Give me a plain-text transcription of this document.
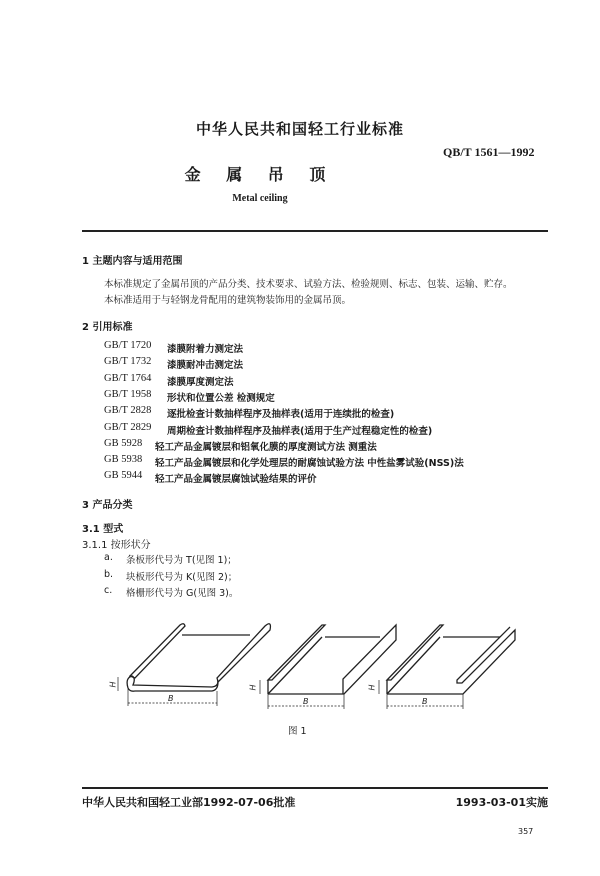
中华人民共和国轻工行业标准
QB/T 1561—1992
金 属 吊 顶
Metal ceiling
1 主题内容与适用范围
本标准规定了金属吊顶的产品分类、技术要求、试验方法、检验规则、标志、包装、运输、贮存。
本标准适用于与轻钢龙骨配用的建筑物装饰用的金属吊顶。
2 引用标准
GB/T 1720 漆膜附着力测定法
GB/T 1732 漆膜耐冲击测定法
GB/T 1764 漆膜厚度测定法
GB/T 1958 形状和位置公差 检测规定
GB/T 2828 逐批检查计数抽样程序及抽样表(适用于连续批的检查)
GB/T 2829 周期检查计数抽样程序及抽样表(适用于生产过程稳定性的检查)
GB 5928 轻工产品金属镀层和铝氧化膜的厚度测试方法 测重法
GB 5938 轻工产品金属镀层和化学处理层的耐腐蚀试验方法 中性盐雾试验(NSS)法
GB 5944 轻工产品金属镀层腐蚀试验结果的评价
3 产品分类
3.1 型式
3.1.1 按形状分
a. 条板形代号为 T(见图 1)；
b. 块板形代号为 K(见图 2)；
c. 格栅形代号为 G(见图 3)。
H
B
H
B
H
B
图 1
中华人民共和国轻工业部1992-07-06批准	1993-03-01实施
357
